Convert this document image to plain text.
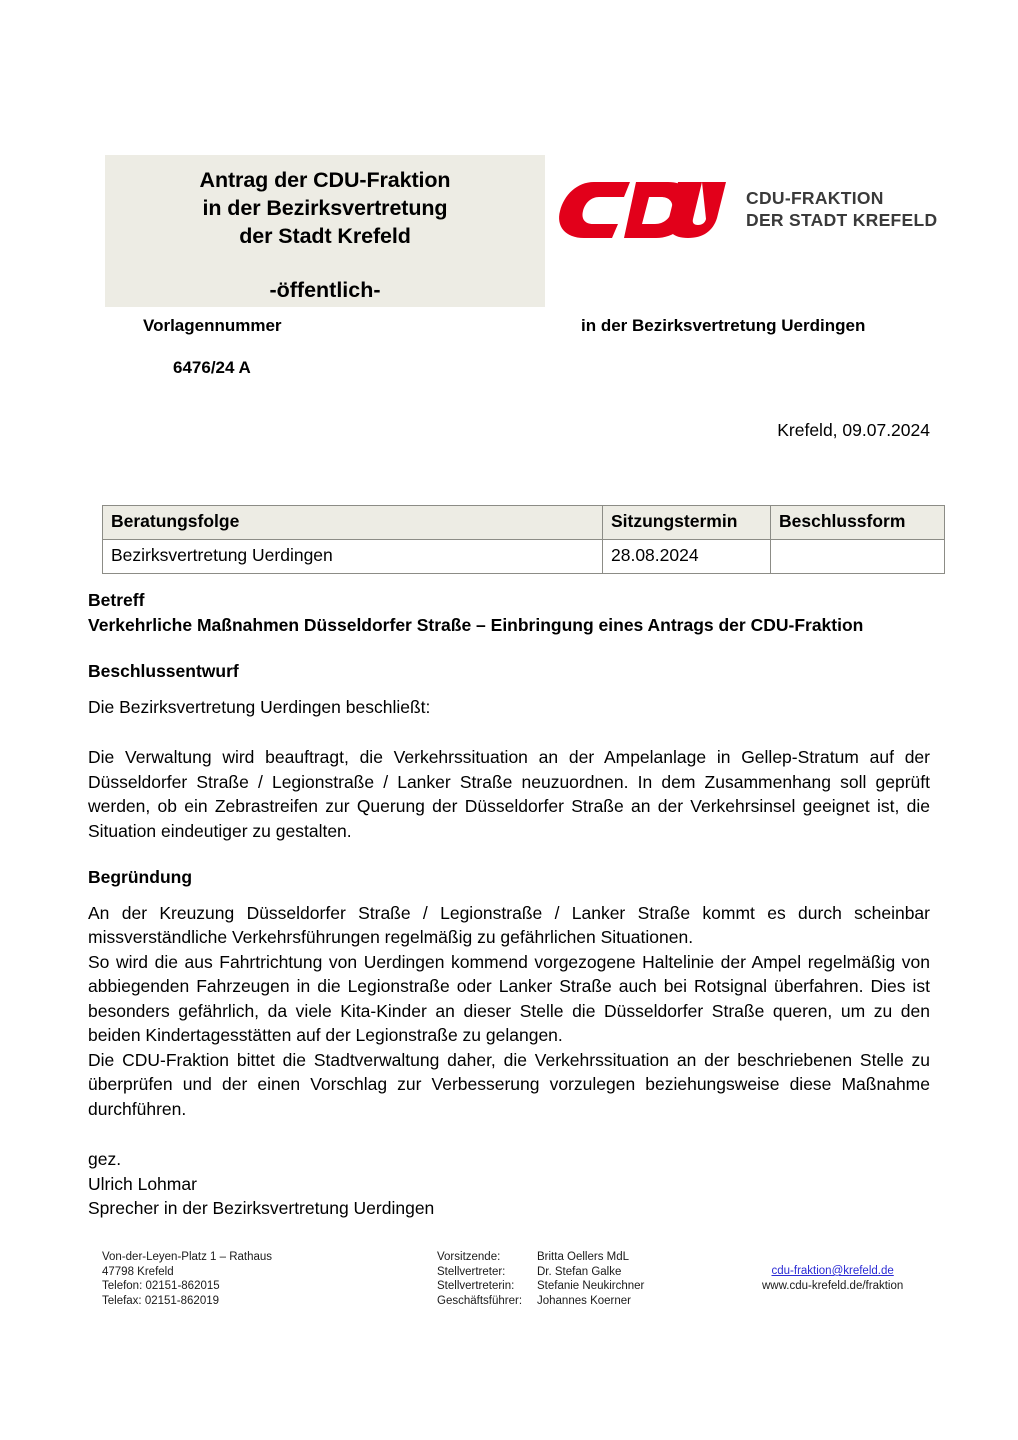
Antrag der CDU-Fraktion
in der Bezirksvertretung
der Stadt Krefeld
-öffentlich-
CDU-FRAKTION
DER STADT KREFELD
Vorlagennummer
6476/24 A
in der Bezirksvertretung Uerdingen
Krefeld, 09.07.2024
Beratungsfolge	Sitzungstermin	Beschlussform
Bezirksvertretung Uerdingen	28.08.2024	
Betreff
Verkehrliche Maßnahmen Düsseldorfer Straße – Einbringung eines Antrags der CDU-Fraktion
Beschlussentwurf
Die Bezirksvertretung Uerdingen beschließt:
Die Verwaltung wird beauftragt, die Verkehrssituation an der Ampelanlage in Gellep-Stratum auf der Düsseldorfer Straße / Legionstraße / Lanker Straße neuzuordnen. In dem Zusammenhang soll geprüft werden, ob ein Zebrastreifen zur Querung der Düsseldorfer Straße an der Verkehrsinsel geeignet ist, die Situation eindeutiger zu gestalten.
Begründung
An der Kreuzung Düsseldorfer Straße / Legionstraße / Lanker Straße kommt es durch scheinbar missverständliche Verkehrsführungen regelmäßig zu gefährlichen Situationen.
So wird die aus Fahrtrichtung von Uerdingen kommend vorgezogene Haltelinie der Ampel regelmäßig von abbiegenden Fahrzeugen in die Legionstraße oder Lanker Straße auch bei Rotsignal überfahren. Dies ist besonders gefährlich, da viele Kita-Kinder an dieser Stelle die Düsseldorfer Straße queren, um zu den beiden Kindertagesstätten auf der Legionstraße zu gelangen.
Die CDU-Fraktion bittet die Stadtverwaltung daher, die Verkehrssituation an der beschriebenen Stelle zu überprüfen und der einen Vorschlag zur Verbesserung vorzulegen beziehungsweise diese Maßnahme durchführen.
gez.
Ulrich Lohmar
Sprecher in der Bezirksvertretung Uerdingen
Von-der-Leyen-Platz 1 – Rathaus
47798 Krefeld
Telefon: 02151-862015
Telefax: 02151-862019
Vorsitzende:	Britta Oellers MdL
Stellvertreter:	Dr. Stefan Galke
Stellvertreterin:	Stefanie Neukirchner
Geschäftsführer:	Johannes Koerner
cdu-fraktion@krefeld.de
www.cdu-krefeld.de/fraktion
